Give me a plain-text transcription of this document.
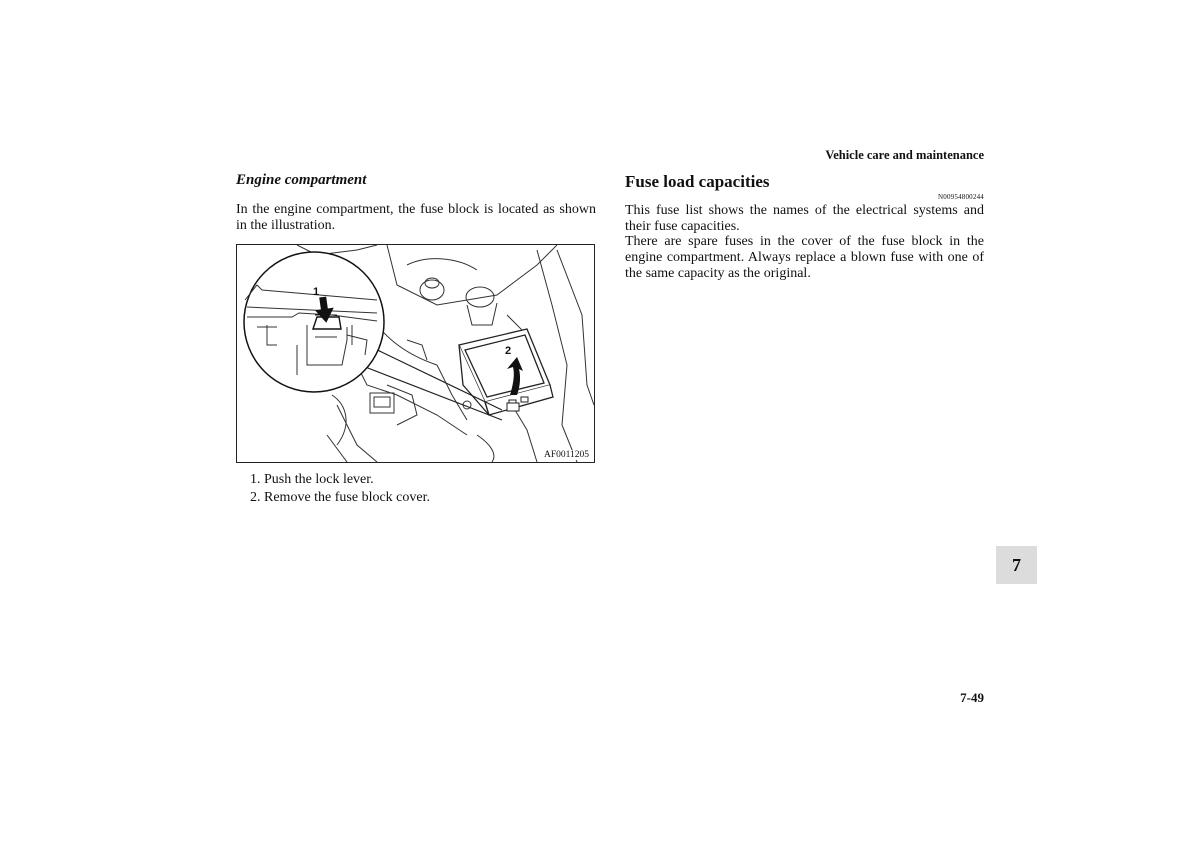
Vehicle care and maintenance
Engine compartment
In the engine compartment, the fuse block is located as shown in the illustration.
2
1
AF0011205
1. Push the lock lever.
2. Remove the fuse block cover.
Fuse load capacities
N00954800244
This fuse list shows the names of the electrical systems and their fuse capacities.
There are spare fuses in the cover of the fuse block in the engine compartment. Always replace a blown fuse with one of the same capacity as the original.
7
7-49
